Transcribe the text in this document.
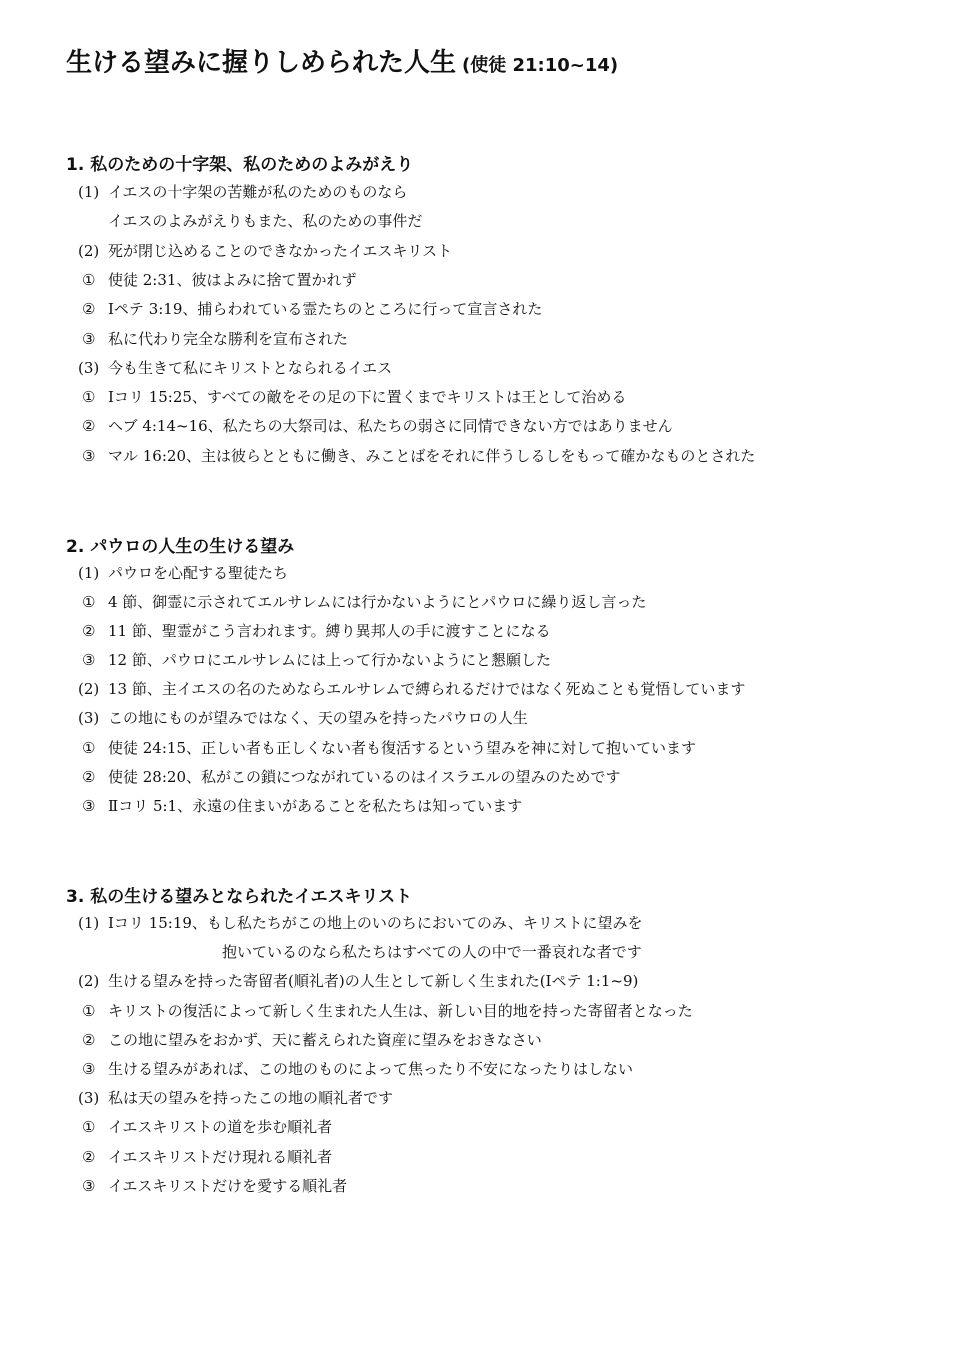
生ける望みに握りしめられた人生 (使徒 21:10~14)
1. 私のための十字架、私のためのよみがえり
(1) イエスの十字架の苦難が私のためのものなら
イエスのよみがえりもまた、私のための事件だ
(2) 死が閉じ込めることのできなかったイエスキリスト
① 使徒 2:31、彼はよみに捨て置かれず
② Ⅰペテ 3:19、捕らわれている霊たちのところに行って宣言された
③ 私に代わり完全な勝利を宣布された
(3) 今も生きて私にキリストとなられるイエス
① Ⅰコリ 15:25、すべての敵をその足の下に置くまでキリストは王として治める
② ヘブ 4:14~16、私たちの大祭司は、私たちの弱さに同情できない方ではありません
③ マル 16:20、主は彼らとともに働き、みことばをそれに伴うしるしをもって確かなものとされた
2. パウロの人生の生ける望み
(1) パウロを心配する聖徒たち
① 4 節、御霊に示されてエルサレムには行かないようにとパウロに繰り返し言った
② 11 節、聖霊がこう言われます。縛り異邦人の手に渡すことになる
③ 12 節、パウロにエルサレムには上って行かないようにと懇願した
(2) 13 節、主イエスの名のためならエルサレムで縛られるだけではなく死ぬことも覚悟しています
(3) この地にものが望みではなく、天の望みを持ったパウロの人生
① 使徒 24:15、正しい者も正しくない者も復活するという望みを神に対して抱いています
② 使徒 28:20、私がこの鎖につながれているのはイスラエルの望みのためです
③ Ⅱコリ 5:1、永遠の住まいがあることを私たちは知っています
3. 私の生ける望みとなられたイエスキリスト
(1) Ⅰコリ 15:19、もし私たちがこの地上のいのちにおいてのみ、キリストに望みを
抱いているのなら私たちはすべての人の中で一番哀れな者です
(2) 生ける望みを持った寄留者(順礼者)の人生として新しく生まれた(Ⅰペテ 1:1~9)
① キリストの復活によって新しく生まれた人生は、新しい目的地を持った寄留者となった
② この地に望みをおかず、天に蓄えられた資産に望みをおきなさい
③ 生ける望みがあれば、この地のものによって焦ったり不安になったりはしない
(3) 私は天の望みを持ったこの地の順礼者です
① イエスキリストの道を歩む順礼者
② イエスキリストだけ現れる順礼者
③ イエスキリストだけを愛する順礼者
